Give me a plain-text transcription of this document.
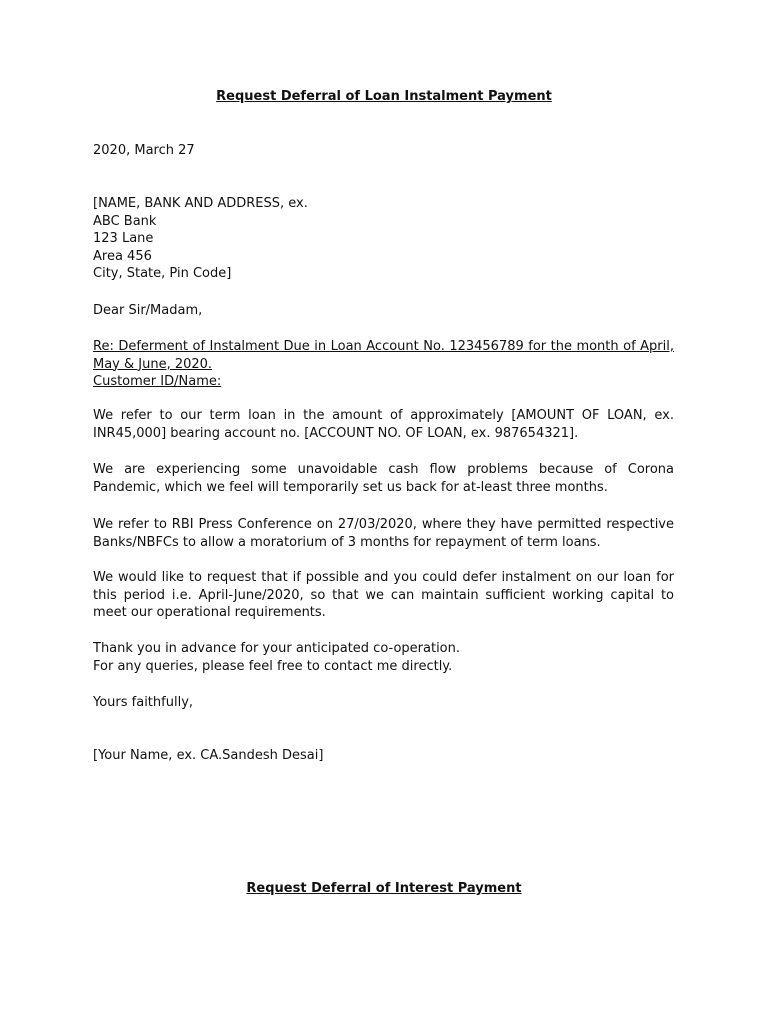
Request Deferral of Loan Instalment Payment
2020, March 27
[NAME, BANK AND ADDRESS, ex.
ABC Bank
123 Lane
Area 456
City, State, Pin Code]
Dear Sir/Madam,
Re: Deferment of Instalment Due in Loan Account No. 123456789 for the month of April, May & June, 2020.
Customer ID/Name:
We refer to our term loan in the amount of approximately [AMOUNT OF LOAN, ex. INR45,000] bearing account no. [ACCOUNT NO. OF LOAN, ex. 987654321].
We are experiencing some unavoidable cash flow problems because of Corona Pandemic, which we feel will temporarily set us back for at-least three months.
We refer to RBI Press Conference on 27/03/2020, where they have permitted respective Banks/NBFCs to allow a moratorium of 3 months for repayment of term loans.
We would like to request that if possible and you could defer instalment on our loan for this period i.e. April-June/2020, so that we can maintain sufficient working capital to meet our operational requirements.
Thank you in advance for your anticipated co-operation.
For any queries, please feel free to contact me directly.
Yours faithfully,
[Your Name, ex. CA.Sandesh Desai]
Request Deferral of Interest Payment
